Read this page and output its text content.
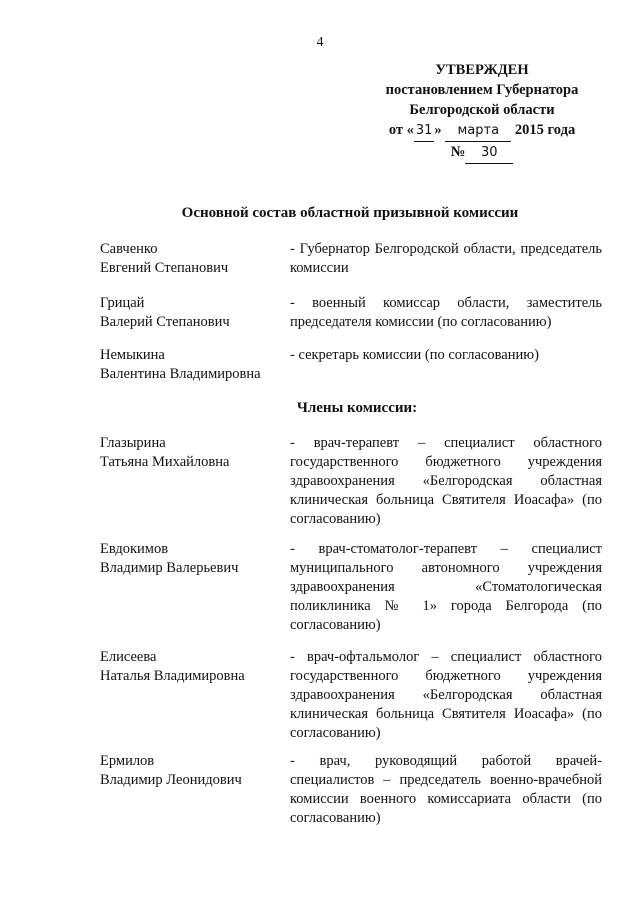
4
УТВЕРЖДЕН
постановлением Губернатора
Белгородской области
от « 31 » марта 2015 года
№ 30
Основной состав областной призывной комиссии
Савченко
Евгений Степанович
- Губернатор Белгородской области, председатель комиссии
Грицай
Валерий Степанович
- военный комиссар области, заместитель председателя комиссии (по согласованию)
Немыкина
Валентина Владимировна
- секретарь комиссии (по согласованию)
Члены комиссии:
Глазырина
Татьяна Михайловна
- врач-терапевт – специалист областного государственного бюджетного учреждения здравоохранения «Белгородская областная клиническая больница Святителя Иоасафа» (по согласованию)
Евдокимов
Владимир Валерьевич
- врач-стоматолог-терапевт – специалист муниципального автономного учреждения здравоохранения «Стоматологическая поликлиника № 1» города Белгорода (по согласованию)
Елисеева
Наталья Владимировна
- врач-офтальмолог – специалист областного государственного бюджетного учреждения здравоохранения «Белгородская областная клиническая больница Святителя Иоасафа» (по согласованию)
Ермилов
Владимир Леонидович
- врач, руководящий работой врачей-специалистов – председатель военно-врачебной комиссии военного комиссариата области (по согласованию)
